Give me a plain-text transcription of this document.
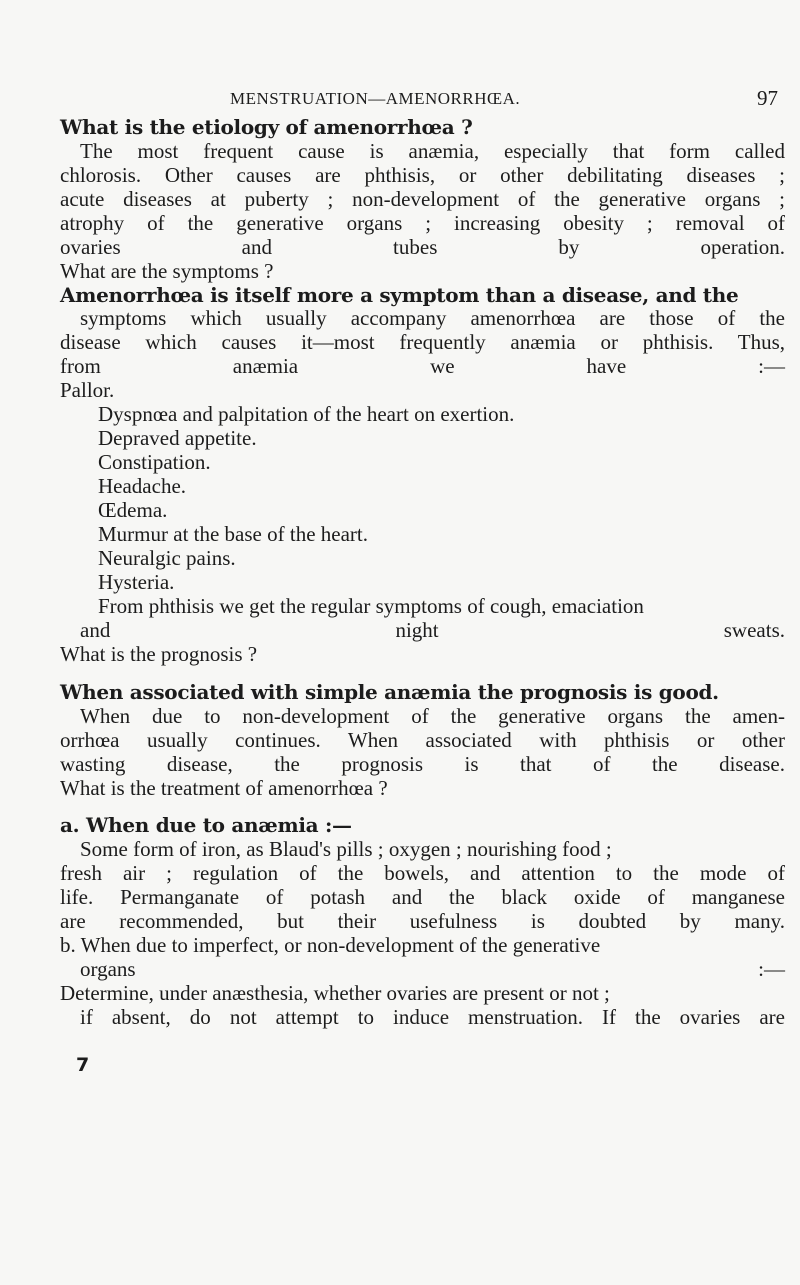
MENSTRUATION—AMENORRHŒA.	97
What is the etiology of amenorrhœa ?
The most frequent cause is anæmia, especially that form called
chlorosis. Other causes are phthisis, or other debilitating diseases ;
acute diseases at puberty ; non-development of the generative organs ;
atrophy of the generative organs ; increasing obesity ; removal of
ovaries and tubes by operation.
What are the symptoms ?
Amenorrhœa is itself more a symptom than a disease, and the
symptoms which usually accompany amenorrhœa are those of the
disease which causes it—most frequently anæmia or phthisis. Thus,
from anæmia we have :—
Pallor.
Dyspnœa and palpitation of the heart on exertion.
Depraved appetite.
Constipation.
Headache.
Œdema.
Murmur at the base of the heart.
Neuralgic pains.
Hysteria.
From phthisis we get the regular symptoms of cough, emaciation
and night sweats.
What is the prognosis ?
When associated with simple anæmia the prognosis is good.
When due to non-development of the generative organs the amen-
orrhœa usually continues. When associated with phthisis or other
wasting disease, the prognosis is that of the disease.
What is the treatment of amenorrhœa ?
a. When due to anæmia :—
Some form of iron, as Blaud's pills ; oxygen ; nourishing food ;
fresh air ; regulation of the bowels, and attention to the mode of
life. Permanganate of potash and the black oxide of manganese
are recommended, but their usefulness is doubted by many.
b. When due to imperfect, or non-development of the generative
organs :—
Determine, under anæsthesia, whether ovaries are present or not ;
if absent, do not attempt to induce menstruation. If the ovaries are
7
